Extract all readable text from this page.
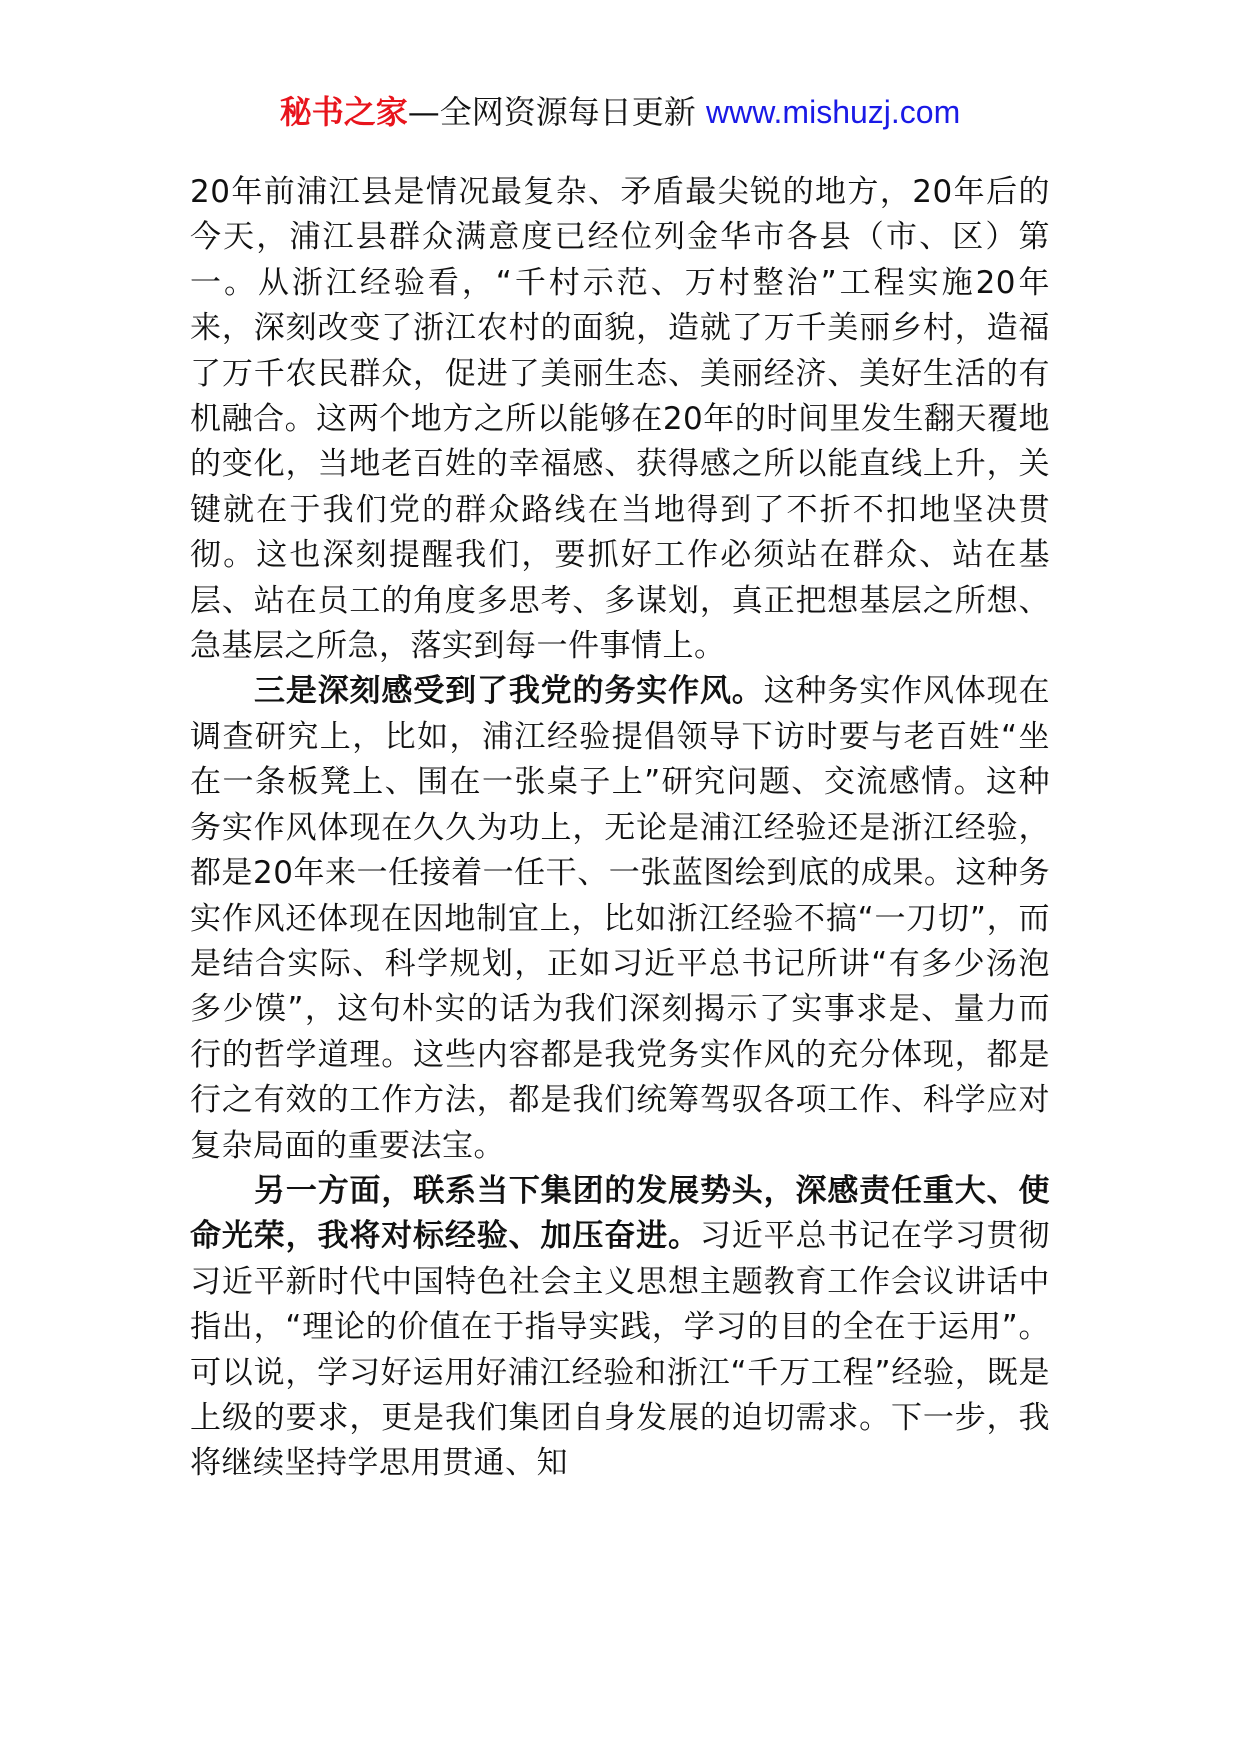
秘书之家—全网资源每日更新 www.mishuzj.com

20年前浦江县是情况最复杂、矛盾最尖锐的地方，20年后的今天，浦江县群众满意度已经位列金华市各县（市、区）第一。从浙江经验看，“千村示范、万村整治”工程实施20年来，深刻改变了浙江农村的面貌，造就了万千美丽乡村，造福了万千农民群众，促进了美丽生态、美丽经济、美好生活的有机融合。这两个地方之所以能够在20年的时间里发生翻天覆地的变化，当地老百姓的幸福感、获得感之所以能直线上升，关键就在于我们党的群众路线在当地得到了不折不扣地坚决贯彻。这也深刻提醒我们，要抓好工作必须站在群众、站在基层、站在员工的角度多思考、多谋划，真正把想基层之所想、急基层之所急，落实到每一件事情上。

三是深刻感受到了我党的务实作风。这种务实作风体现在调查研究上，比如，浦江经验提倡领导下访时要与老百姓“坐在一条板凳上、围在一张桌子上”研究问题、交流感情。这种务实作风体现在久久为功上，无论是浦江经验还是浙江经验，都是20年来一任接着一任干、一张蓝图绘到底的成果。这种务实作风还体现在因地制宜上，比如浙江经验不搞“一刀切”，而是结合实际、科学规划，正如习近平总书记所讲“有多少汤泡多少馍”，这句朴实的话为我们深刻揭示了实事求是、量力而行的哲学道理。这些内容都是我党务实作风的充分体现，都是行之有效的工作方法，都是我们统筹驾驭各项工作、科学应对复杂局面的重要法宝。

另一方面，联系当下集团的发展势头，深感责任重大、使命光荣，我将对标经验、加压奋进。习近平总书记在学习贯彻习近平新时代中国特色社会主义思想主题教育工作会议讲话中指出，“理论的价值在于指导实践，学习的目的全在于运用”。可以说，学习好运用好浦江经验和浙江“千万工程”经验，既是上级的要求，更是我们集团自身发展的迫切需求。下一步，我将继续坚持学思用贯通、知
